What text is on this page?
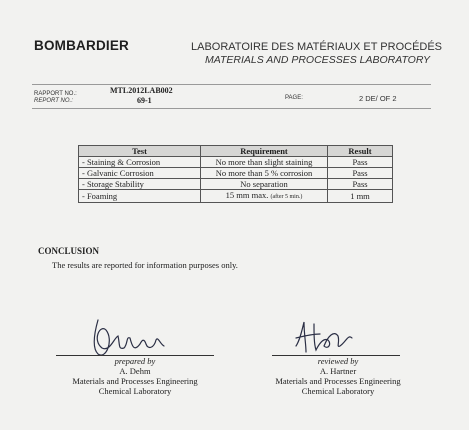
BOMBARDIER	LABORATOIRE DES MATÉRIAUX ET PROCÉDÉS
MATERIALS AND PROCESSES LABORATORY
RAPPORT NO.:
REPORT NO.:
MTL2012LAB002
69-1	PAGE:	2 DE/ OF 2
Test	Requirement	Result
- Staining & Corrosion	No more than slight staining	Pass
- Galvanic Corrosion	No more than 5 % corrosion	Pass
- Storage Stability	No separation	Pass
- Foaming	15 mm max. (after 5 min.)	1 mm
CONCLUSION
The results are reported for information purposes only.
prepared by
A. Dehm
Materials and Processes Engineering
Chemical Laboratory
reviewed by
A. Hartner
Materials and Processes Engineering
Chemical Laboratory
